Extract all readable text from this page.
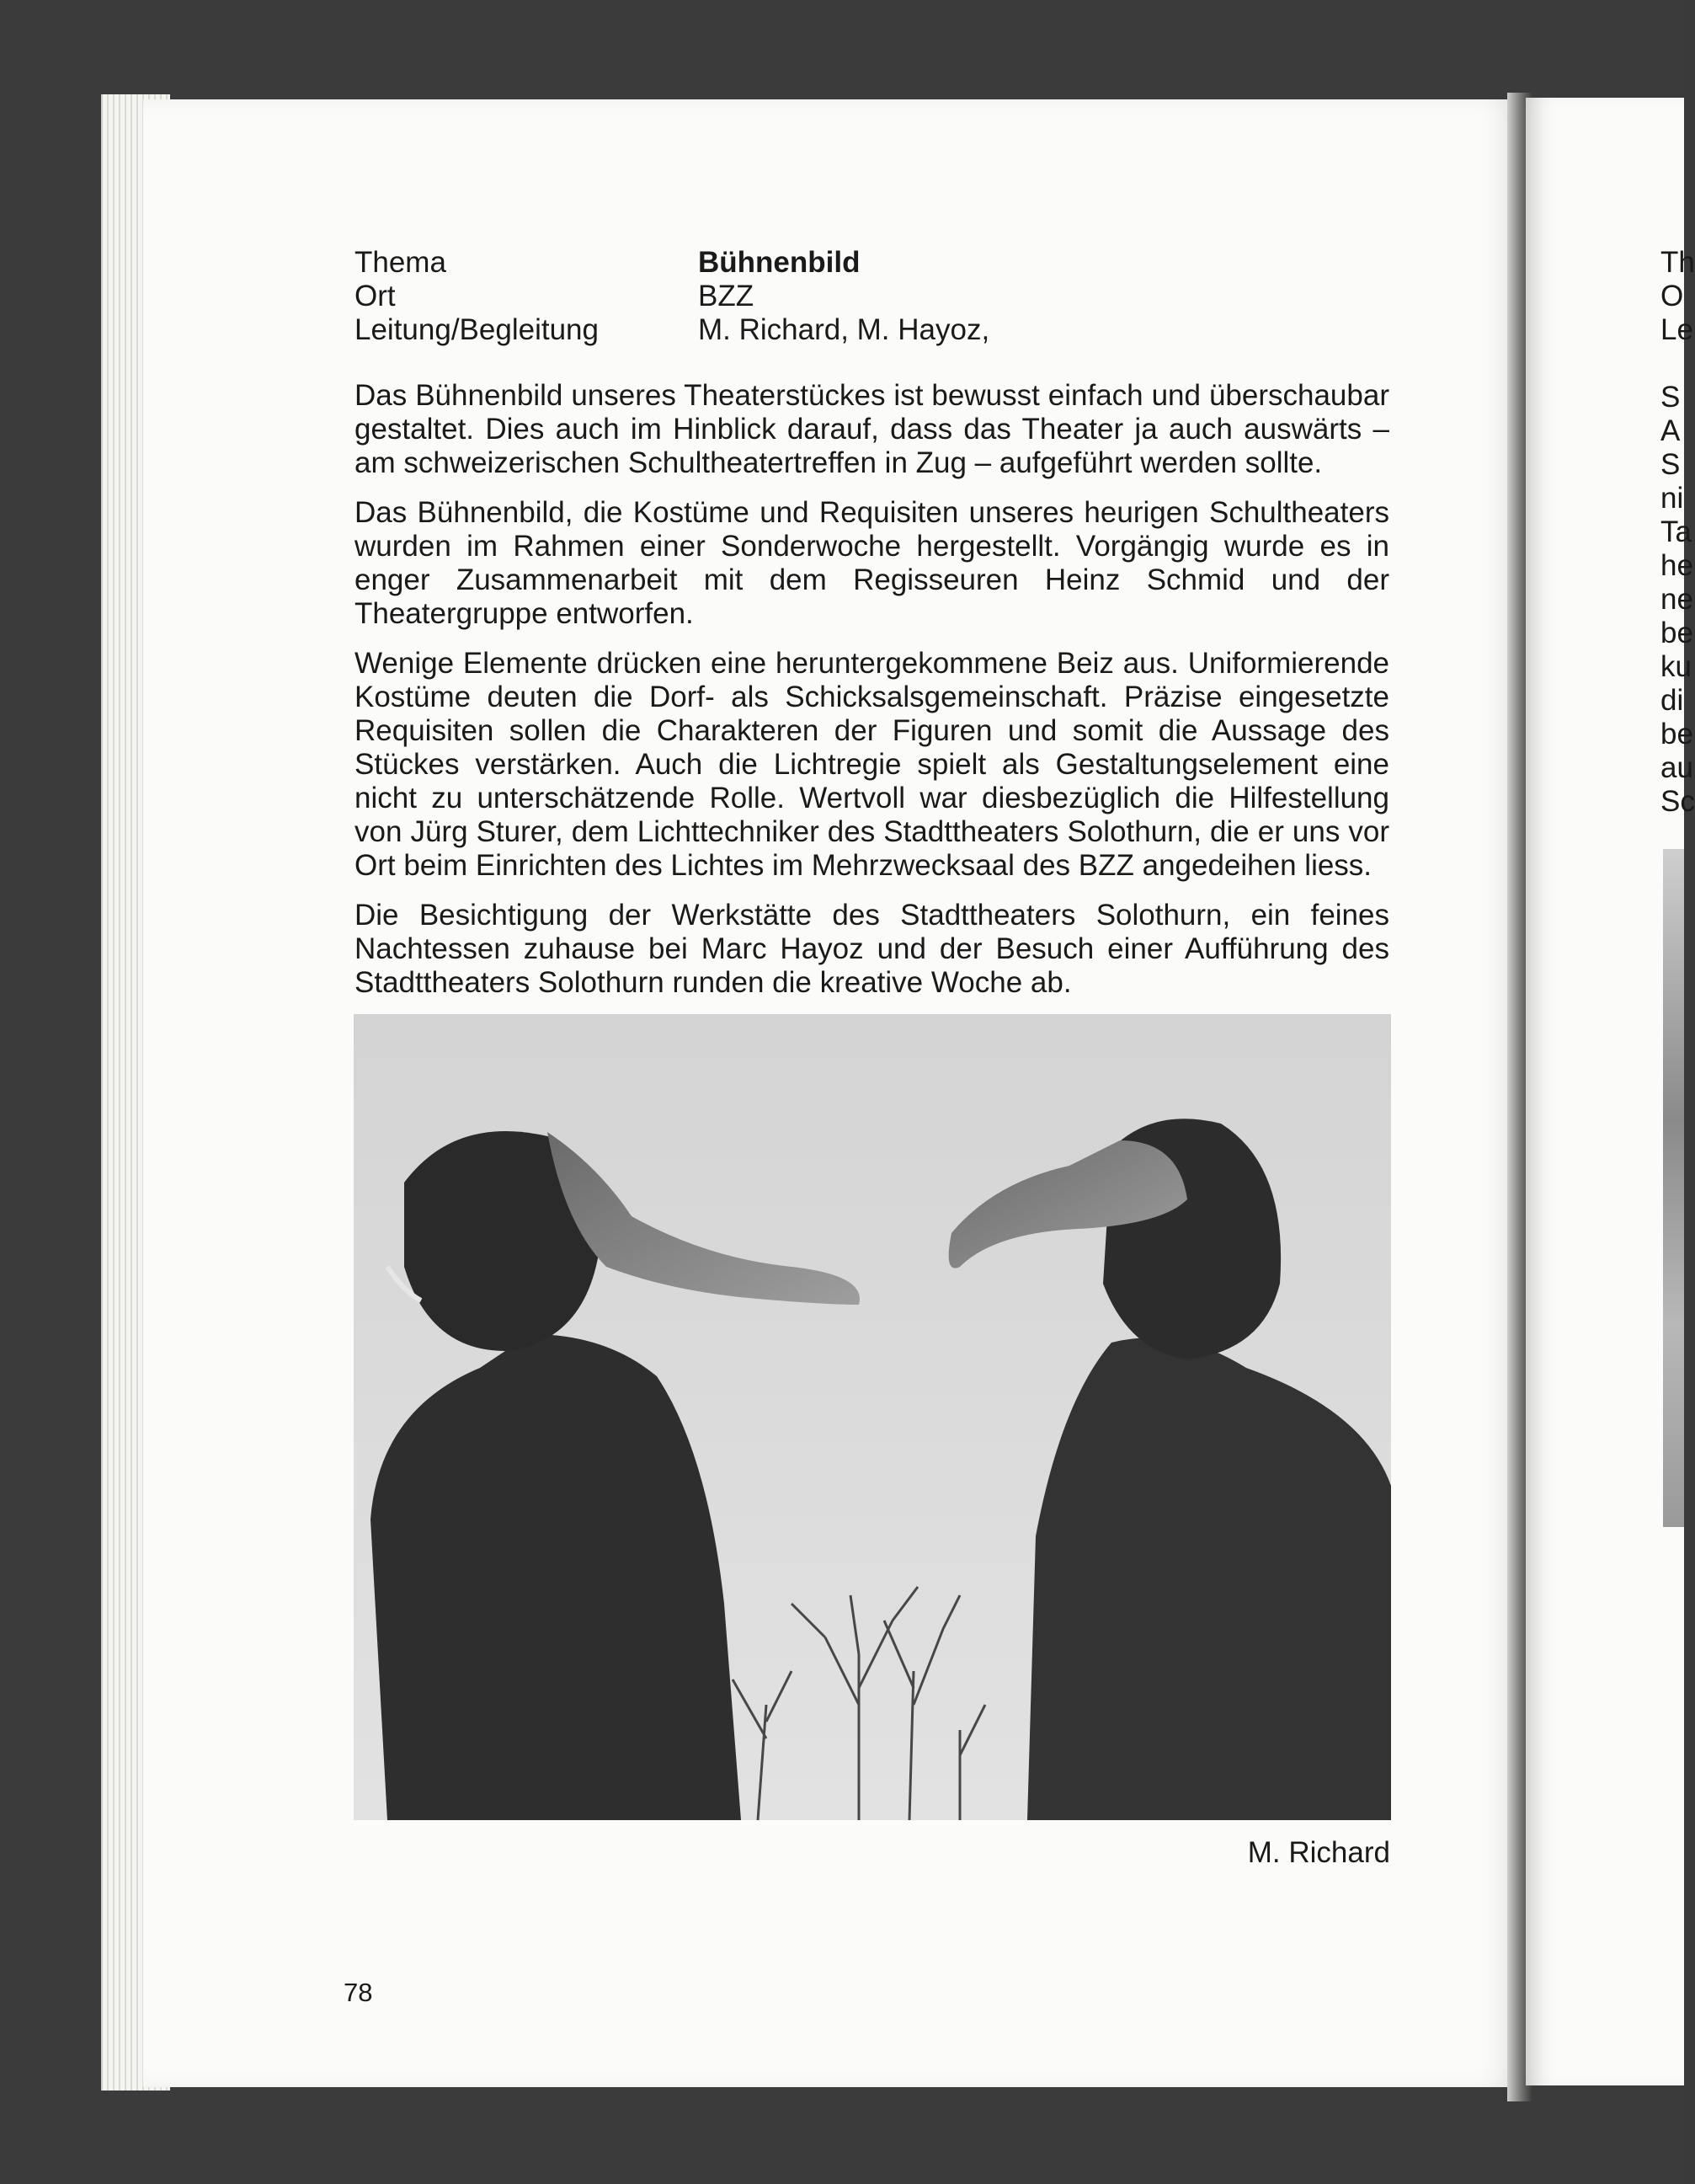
Thema	Bühnenbild
Ort	BZZ
Leitung/Begleitung	M. Richard, M. Hayoz,

Das Bühnenbild unseres Theaterstückes ist bewusst einfach und überschaubar gestaltet. Dies auch im Hinblick darauf, dass das Theater ja auch auswärts – am schweizerischen Schultheatertreffen in Zug – aufgeführt werden sollte.

Das Bühnenbild, die Kostüme und Requisiten unseres heurigen Schultheaters wurden im Rahmen einer Sonderwoche hergestellt. Vorgängig wurde es in enger Zusammenarbeit mit dem Regisseuren Heinz Schmid und der Theatergruppe entworfen.

Wenige Elemente drücken eine heruntergekommene Beiz aus. Uniformierende Kostüme deuten die Dorf- als Schicksalsgemeinschaft. Präzise eingesetzte Requisiten sollen die Charakteren der Figuren und somit die Aussage des Stückes verstärken. Auch die Lichtregie spielt als Gestaltungselement eine nicht zu unterschätzende Rolle. Wertvoll war diesbezüglich die Hilfestellung von Jürg Sturer, dem Lichttechniker des Stadttheaters Solothurn, die er uns vor Ort beim Einrichten des Lichtes im Mehrzwecksaal des BZZ angedeihen liess.

Die Besichtigung der Werkstätte des Stadttheaters Solothurn, ein feines Nachtessen zuhause bei Marc Hayoz und der Besuch einer Aufführung des Stadttheaters Solothurn runden die kreative Woche ab.

M. Richard
78
Th
O
Le
S
A
S
ni
Ta
he
ne
be
ku
di
be
au
Sc
